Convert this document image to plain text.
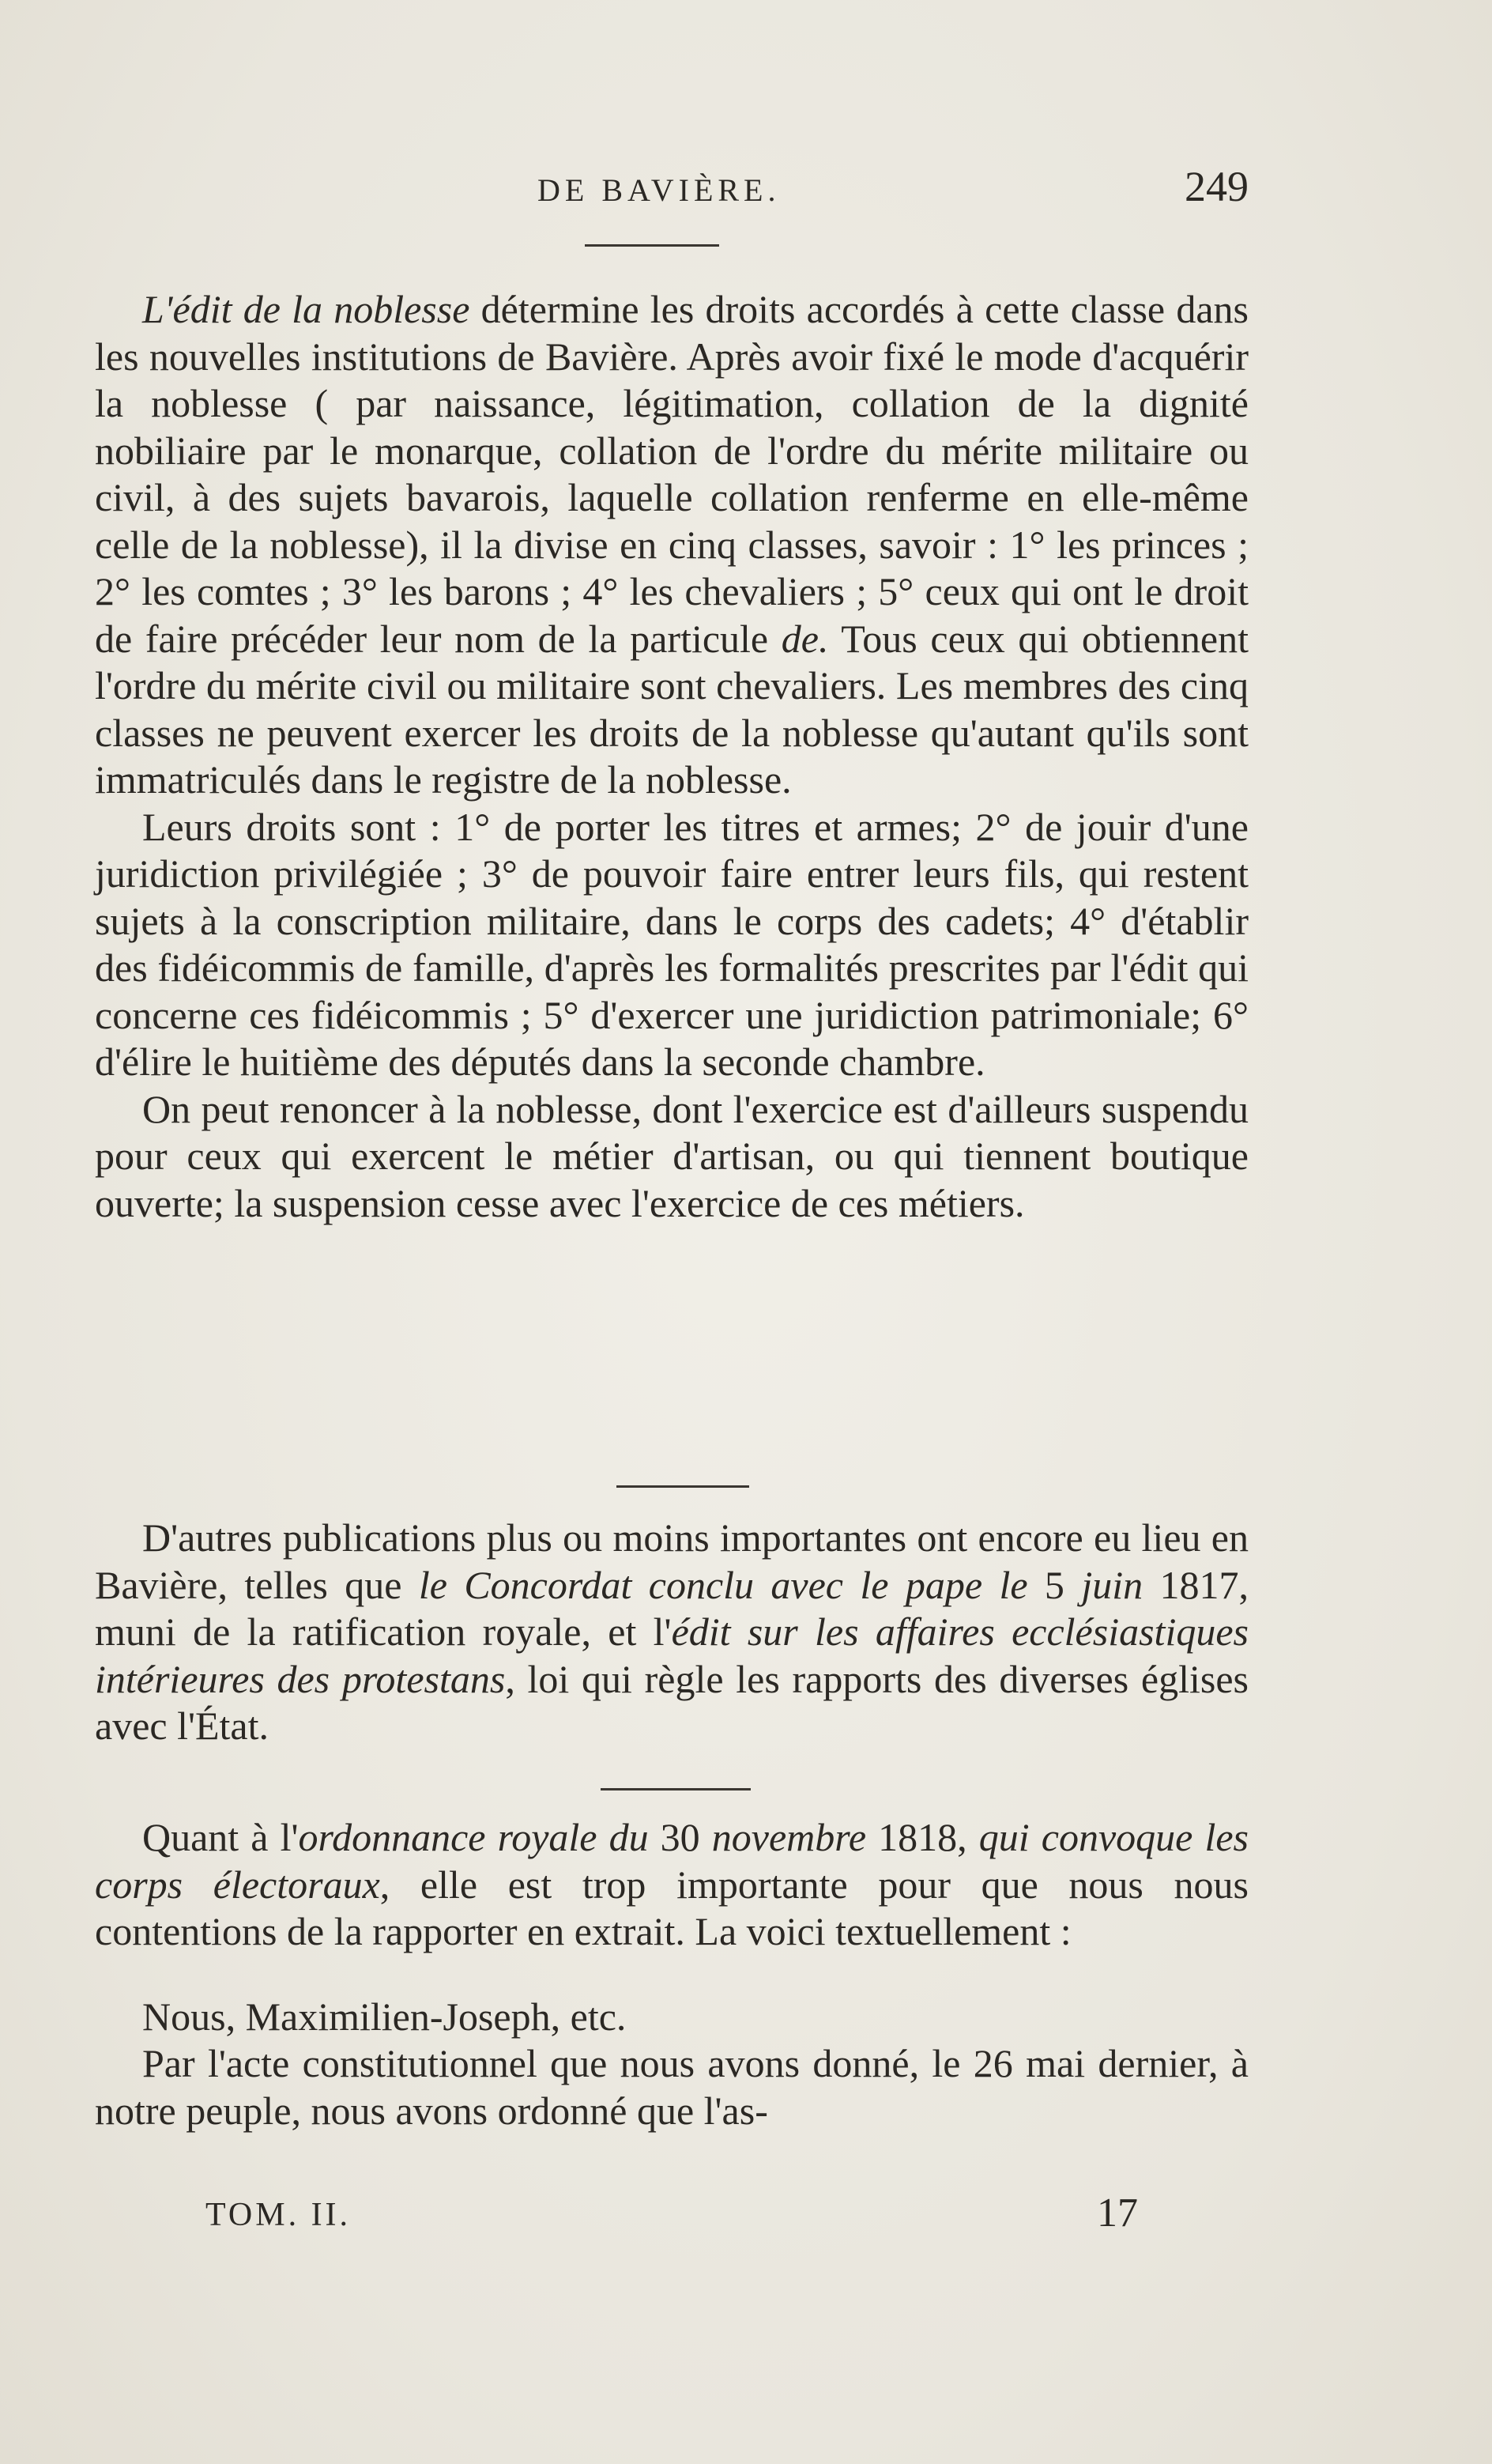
DE BAVIÈRE.	249

L'édit de la noblesse détermine les droits accordés à cette classe dans les nouvelles institutions de Bavière. Après avoir fixé le mode d'acquérir la noblesse ( par naissance, légitimation, collation de la dignité nobiliaire par le monarque, collation de l'ordre du mérite militaire ou civil, à des sujets bavarois, laquelle collation renferme en elle-même celle de la noblesse), il la divise en cinq classes, savoir : 1° les princes ; 2° les comtes ; 3° les barons ; 4° les chevaliers ; 5° ceux qui ont le droit de faire précéder leur nom de la particule de. Tous ceux qui obtiennent l'ordre du mérite civil ou militaire sont chevaliers. Les membres des cinq classes ne peuvent exercer les droits de la noblesse qu'autant qu'ils sont immatriculés dans le registre de la noblesse.

Leurs droits sont : 1° de porter les titres et armes; 2° de jouir d'une juridiction privilégiée ; 3° de pouvoir faire entrer leurs fils, qui restent sujets à la conscription militaire, dans le corps des cadets; 4° d'établir des fidéicommis de famille, d'après les formalités prescrites par l'édit qui concerne ces fidéicommis ; 5° d'exercer une juridiction patrimoniale; 6° d'élire le huitième des députés dans la seconde chambre.

On peut renoncer à la noblesse, dont l'exercice est d'ailleurs suspendu pour ceux qui exercent le métier d'artisan, ou qui tiennent boutique ouverte; la suspension cesse avec l'exercice de ces métiers.

D'autres publications plus ou moins importantes ont encore eu lieu en Bavière, telles que le Concordat conclu avec le pape le 5 juin 1817, muni de la ratification royale, et l'édit sur les affaires ecclésiastiques intérieures des protestans, loi qui règle les rapports des diverses églises avec l'État.

Quant à l'ordonnance royale du 30 novembre 1818, qui convoque les corps électoraux, elle est trop importante pour que nous nous contentions de la rapporter en extrait. La voici textuellement :

Nous, Maximilien-Joseph, etc.

Par l'acte constitutionnel que nous avons donné, le 26 mai dernier, à notre peuple, nous avons ordonné que l'as-

TOM. II.	17
